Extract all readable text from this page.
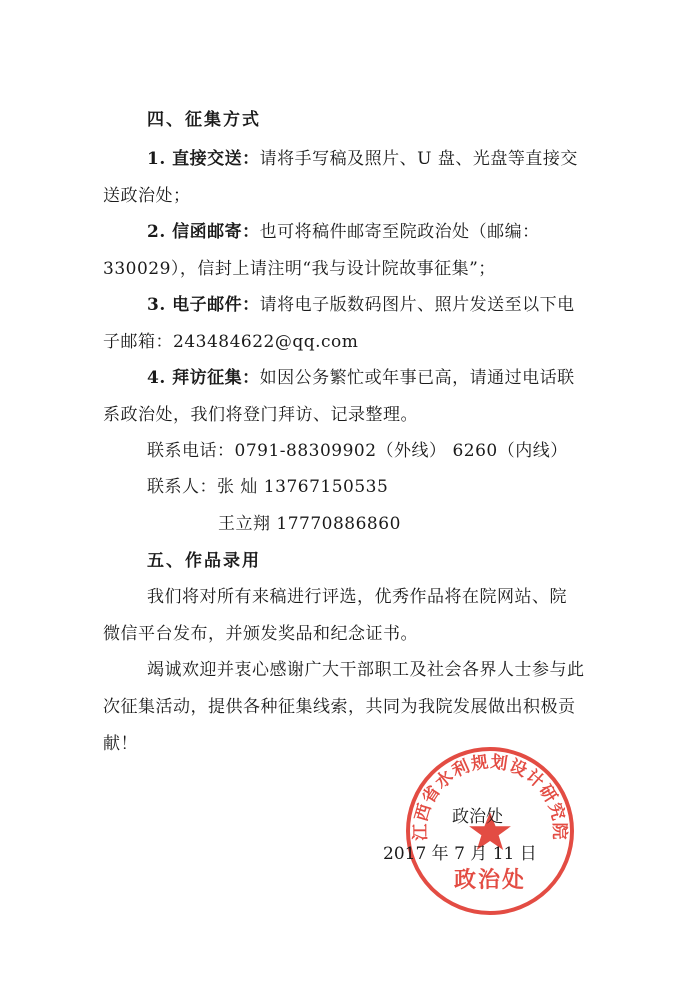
四、征集方式
1. 直接交送：请将手写稿及照片、U 盘、光盘等直接交
送政治处；
2. 信函邮寄：也可将稿件邮寄至院政治处（邮编：
330029），信封上请注明“我与设计院故事征集”；
3. 电子邮件：请将电子版数码图片、照片发送至以下电
子邮箱：243484622@qq.com
4. 拜访征集：如因公务繁忙或年事已高，请通过电话联
系政治处，我们将登门拜访、记录整理。
联系电话：0791-88309902（外线） 6260（内线）
联系人：张 灿 13767150535
王立翔 17770886860
五、作品录用
我们将对所有来稿进行评选，优秀作品将在院网站、院
微信平台发布，并颁发奖品和纪念证书。
竭诚欢迎并衷心感谢广大干部职工及社会各界人士参与此
次征集活动，提供各种征集线索，共同为我院发展做出积极贡
献！
江西省水利规划设计研究院
政治处
政治处
2017 年 7 月 11 日
